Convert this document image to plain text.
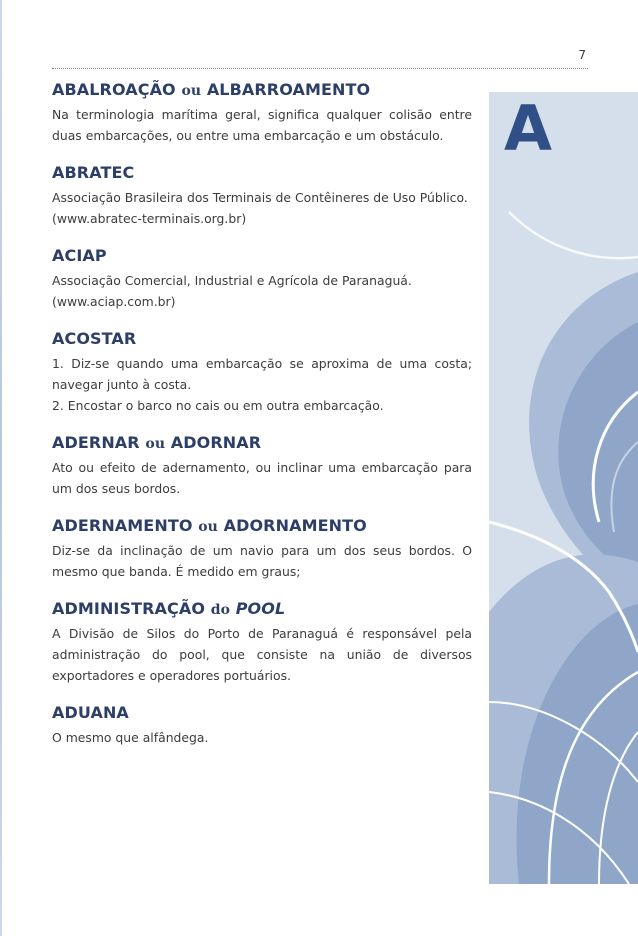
7
A
ABALROAÇÃO ou ALBARROAMENTO

Na terminologia marítima geral, significa qualquer colisão entre duas embarcações, ou entre uma embarcação e um obstáculo.

ABRATEC

Associação Brasileira dos Terminais de Contêineres de Uso Público.

(www.abratec-terminais.org.br)

ACIAP

Associação Comercial, Industrial e Agrícola de Paranaguá.

(www.aciap.com.br)

ACOSTAR

1. Diz-se quando uma embarcação se aproxima de uma costa; navegar junto à costa.

2. Encostar o barco no cais ou em outra embarcação.

ADERNAR ou ADORNAR

Ato ou efeito de adernamento, ou inclinar uma embarcação para um dos seus bordos.

ADERNAMENTO ou ADORNAMENTO

Diz-se da inclinação de um navio para um dos seus bordos. O mesmo que banda. É medido em graus;

ADMINISTRAÇÃO do POOL

A Divisão de Silos do Porto de Paranaguá é responsável pela administração do pool, que consiste na união de diversos exportadores e operadores portuários.

ADUANA

O mesmo que alfândega.
